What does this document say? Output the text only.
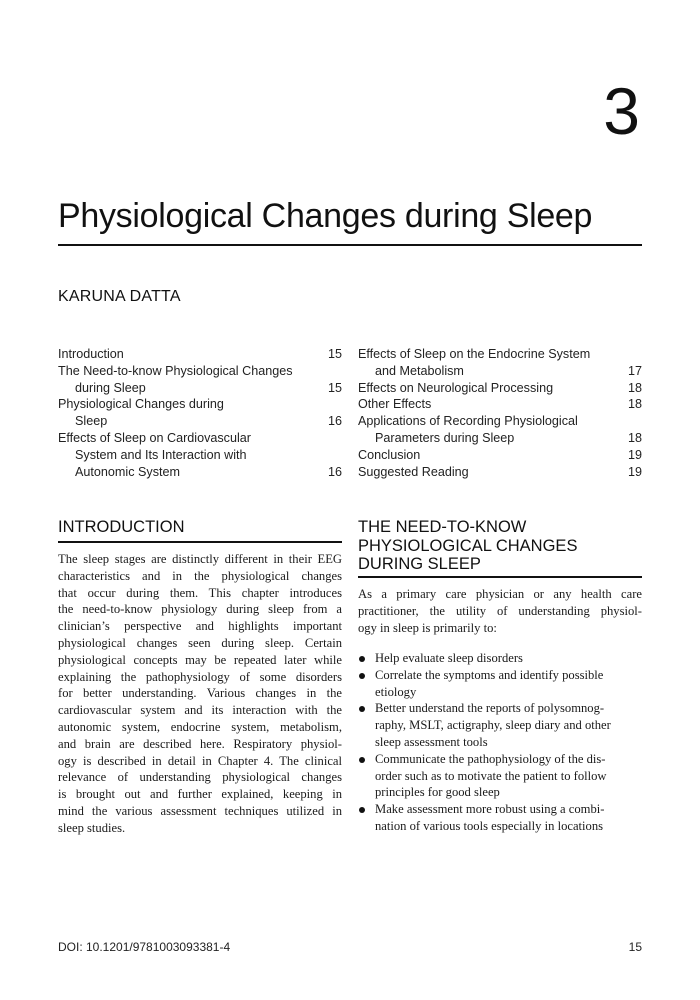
3
Physiological Changes during Sleep
KARUNA DATTA
Introduction	15
The Need-to-know Physiological Changes
during Sleep	15
Physiological Changes during
Sleep	16
Effects of Sleep on Cardiovascular
System and Its Interaction with
Autonomic System	16
Effects of Sleep on the Endocrine System
and Metabolism	17
Effects on Neurological Processing	18
Other Effects	18
Applications of Recording Physiological
Parameters during Sleep	18
Conclusion	19
Suggested Reading	19
INTRODUCTION
The sleep stages are distinctly different in their EEG
characteristics and in the physiological changes
that occur during them. This chapter introduces
the need-to-know physiology during sleep from a
clinician’s perspective and highlights important
physiological changes seen during sleep. Certain
physiological concepts may be repeated later while
explaining the pathophysiology of some disorders
for better understanding. Various changes in the
cardiovascular system and its interaction with the
autonomic system, endocrine system, metabolism,
and brain are described here. Respiratory physiol-
ogy is described in detail in Chapter 4. The clinical
relevance of understanding physiological changes
is brought out and further explained, keeping in
mind the various assessment techniques utilized in
sleep studies.
THE NEED-TO-KNOW
PHYSIOLOGICAL CHANGES
DURING SLEEP
As a primary care physician or any health care
practitioner, the utility of understanding physiol-
ogy in sleep is primarily to:
Help evaluate sleep disorders
Correlate the symptoms and identify possible
etiology
Better understand the reports of polysomnog-
raphy, MSLT, actigraphy, sleep diary and other
sleep assessment tools
Communicate the pathophysiology of the dis-
order such as to motivate the patient to follow
principles for good sleep
Make assessment more robust using a combi-
nation of various tools especially in locations
DOI: 10.1201/9781003093381-4	15
